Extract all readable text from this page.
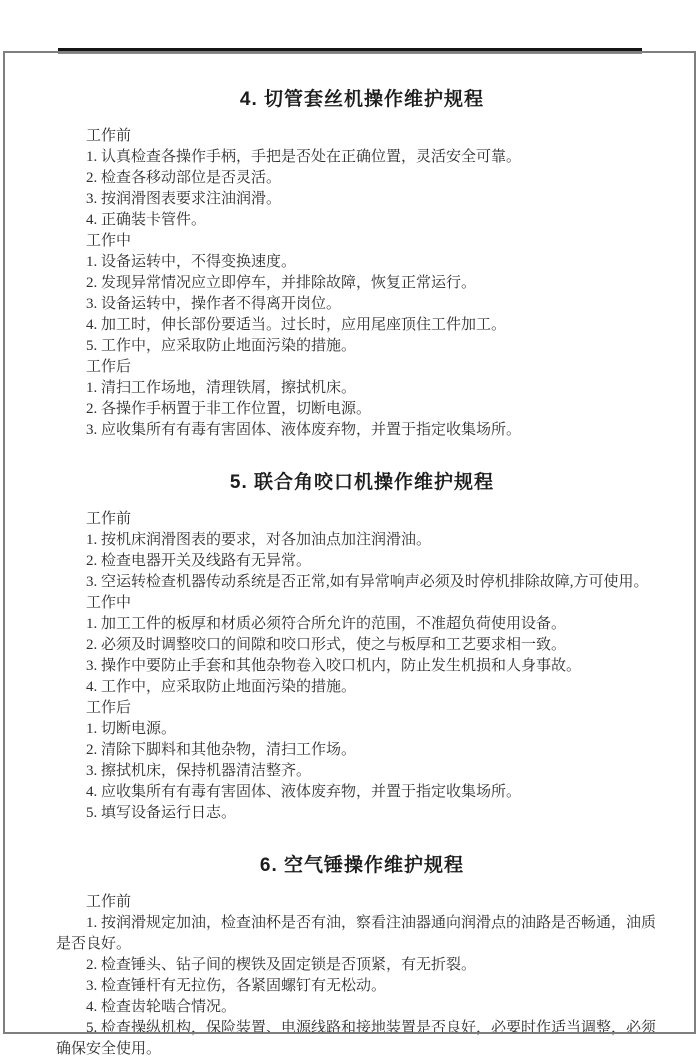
4. 切管套丝机操作维护规程

工作前

1. 认真检查各操作手柄，手把是否处在正确位置，灵活安全可靠。

2. 检查各移动部位是否灵活。

3. 按润滑图表要求注油润滑。

4. 正确装卡管件。

工作中

1. 设备运转中，不得变换速度。

2. 发现异常情况应立即停车，并排除故障，恢复正常运行。

3. 设备运转中，操作者不得离开岗位。

4. 加工时，伸长部份要适当。过长时，应用尾座顶住工件加工。

5. 工作中，应采取防止地面污染的措施。

工作后

1. 清扫工作场地，清理铁屑，擦拭机床。

2. 各操作手柄置于非工作位置，切断电源。

3. 应收集所有有毒有害固体、液体废弃物，并置于指定收集场所。

5. 联合角咬口机操作维护规程

工作前

1. 按机床润滑图表的要求，对各加油点加注润滑油。

2. 检查电器开关及线路有无异常。

3. 空运转检查机器传动系统是否正常,如有异常响声必须及时停机排除故障,方可使用。

工作中

1. 加工工件的板厚和材质必须符合所允许的范围，不准超负荷使用设备。

2. 必须及时调整咬口的间隙和咬口形式，使之与板厚和工艺要求相一致。

3. 操作中要防止手套和其他杂物卷入咬口机内，防止发生机损和人身事故。

4. 工作中，应采取防止地面污染的措施。

工作后

1. 切断电源。

2. 清除下脚料和其他杂物，清扫工作场。

3. 擦拭机床，保持机器清洁整齐。

4. 应收集所有有毒有害固体、液体废弃物，并置于指定收集场所。

5. 填写设备运行日志。

6. 空气锤操作维护规程

工作前

1. 按润滑规定加油，检查油杯是否有油，察看注油器通向润滑点的油路是否畅通，油质是否良好。

2. 检查锤头、钻子间的楔铁及固定锁是否顶紧，有无折裂。

3. 检查锤杆有无拉伤，各紧固螺钉有无松动。

4. 检查齿轮啮合情况。

5. 检查操纵机构，保险装置、电源线路和接地装置是否良好，必要时作适当调整，必须确保安全使用。
